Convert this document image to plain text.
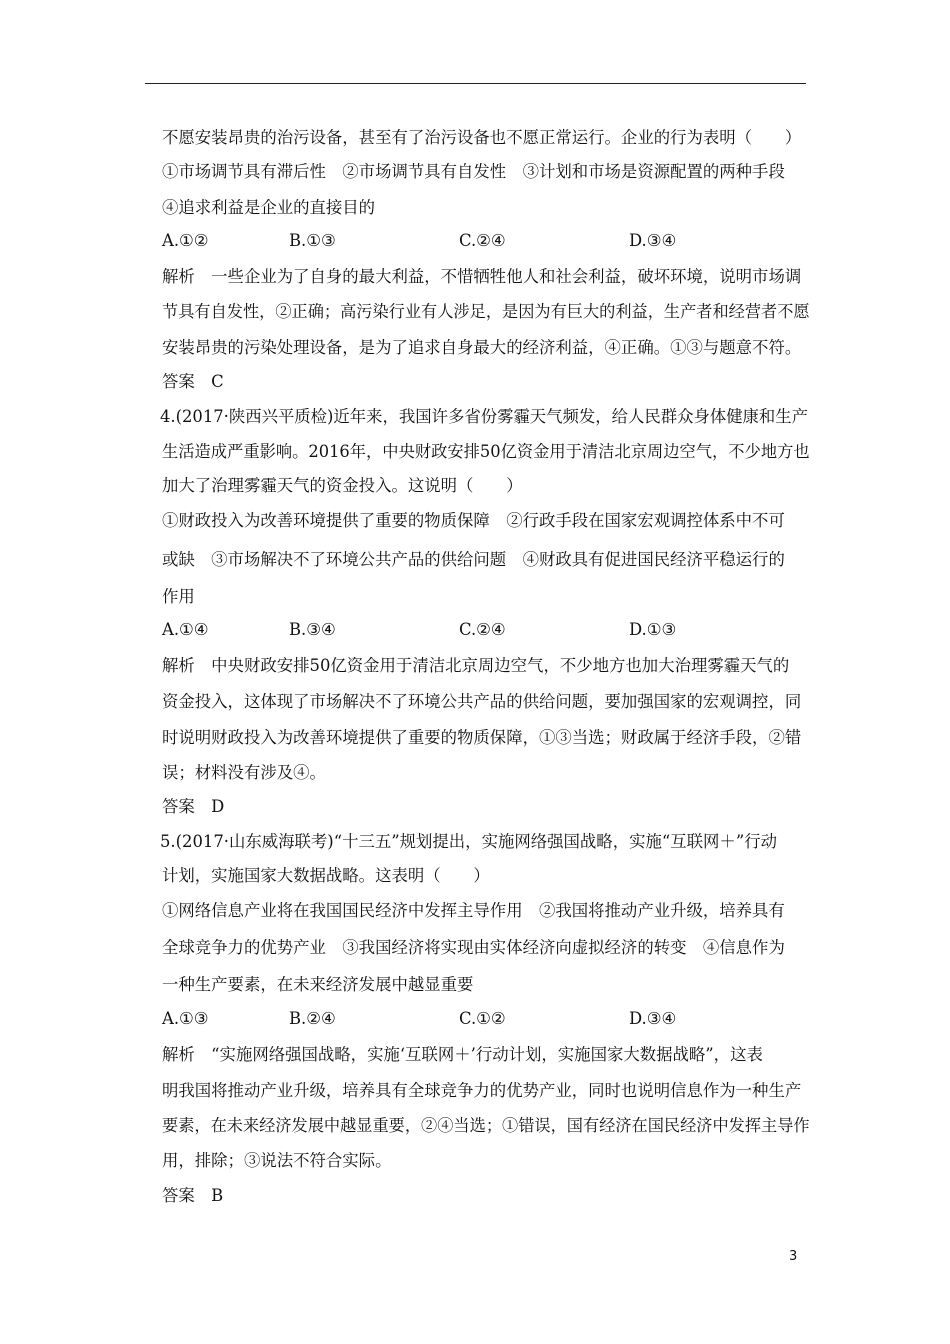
不愿安装昂贵的治污设备，甚至有了治污设备也不愿正常运行。企业的行为表明（　　）
①市场调节具有滞后性　②市场调节具有自发性　③计划和市场是资源配置的两种手段
④追求利益是企业的直接目的
A.①②	B.①③	C.②④	D.③④
解析　一些企业为了自身的最大利益，不惜牺牲他人和社会利益，破坏环境，说明市场调
节具有自发性，②正确；高污染行业有人涉足，是因为有巨大的利益，生产者和经营者不愿
安装昂贵的污染处理设备，是为了追求自身最大的经济利益，④正确。①③与题意不符。
答案　C
4.(2017·陕西兴平质检)近年来，我国许多省份雾霾天气频发，给人民群众身体健康和生产
生活造成严重影响。2016年，中央财政安排50亿资金用于清洁北京周边空气，不少地方也
加大了治理雾霾天气的资金投入。这说明（　　）
①财政投入为改善环境提供了重要的物质保障　②行政手段在国家宏观调控体系中不可
或缺　③市场解决不了环境公共产品的供给问题　④财政具有促进国民经济平稳运行的
作用
A.①④	B.③④	C.②④	D.①③
解析　中央财政安排50亿资金用于清洁北京周边空气，不少地方也加大治理雾霾天气的
资金投入，这体现了市场解决不了环境公共产品的供给问题，要加强国家的宏观调控，同
时说明财政投入为改善环境提供了重要的物质保障，①③当选；财政属于经济手段，②错
误；材料没有涉及④。
答案　D
5.(2017·山东威海联考)“十三五”规划提出，实施网络强国战略，实施“互联网＋”行动
计划，实施国家大数据战略。这表明（　　）
①网络信息产业将在我国国民经济中发挥主导作用　②我国将推动产业升级，培养具有
全球竞争力的优势产业　③我国经济将实现由实体经济向虚拟经济的转变　④信息作为
一种生产要素，在未来经济发展中越显重要
A.①③	B.②④	C.①②	D.③④
解析　“实施网络强国战略，实施‘互联网＋’行动计划，实施国家大数据战略”，这表
明我国将推动产业升级，培养具有全球竞争力的优势产业，同时也说明信息作为一种生产
要素，在未来经济发展中越显重要，②④当选；①错误，国有经济在国民经济中发挥主导作
用，排除；③说法不符合实际。
答案　B
3
